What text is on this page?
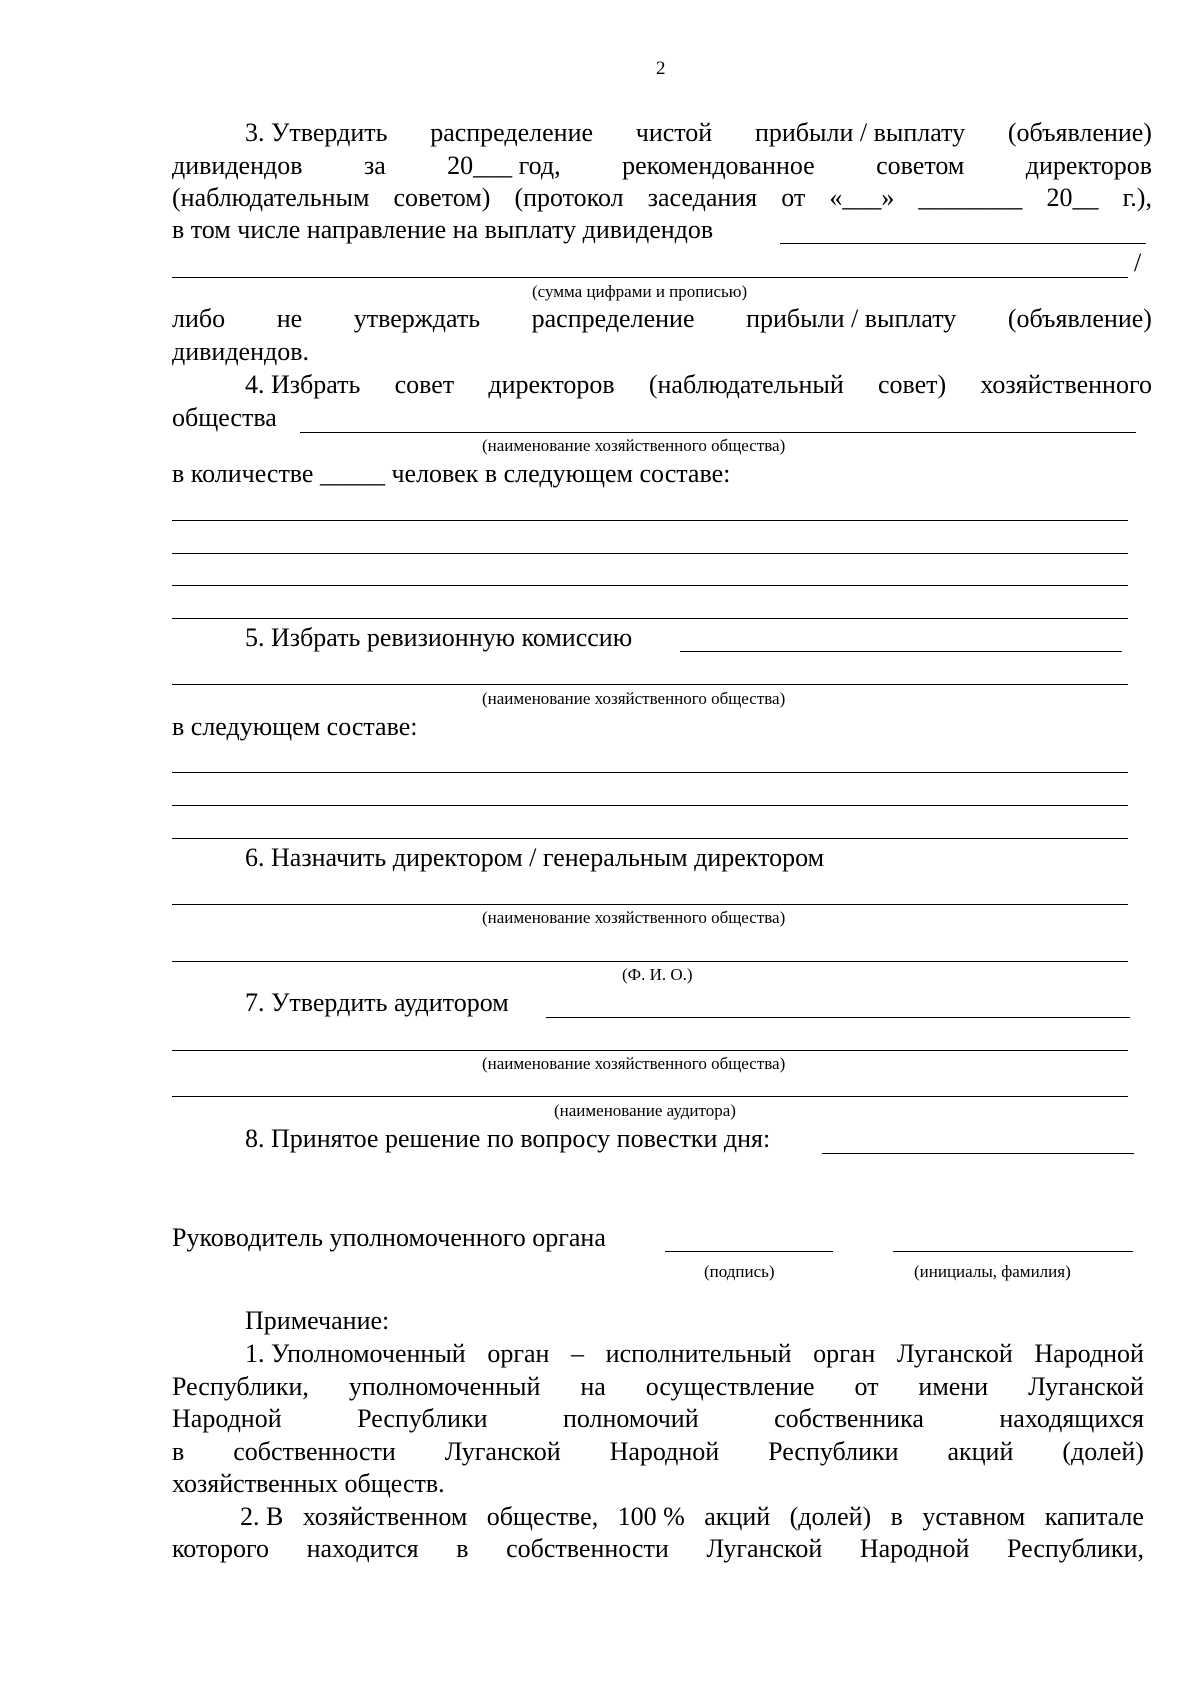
2
3. Утвердить распределение чистой прибыли / выплату (объявление)
дивидендов за 20___ год, рекомендованное советом директоров
(наблюдательным советом) (протокол заседания от «___» ________ 20__ г.),
в том числе направление на выплату дивидендов
/
(сумма цифрами и прописью)
либо не утверждать распределение прибыли / выплату (объявление)
дивидендов.
4. Избрать совет директоров (наблюдательный совет) хозяйственного
общества
(наименование хозяйственного общества)
в количестве _____ человек в следующем составе:
5. Избрать ревизионную комиссию
(наименование хозяйственного общества)
в следующем составе:
6. Назначить директором / генеральным директором
(наименование хозяйственного общества)
(Ф. И. О.)
7. Утвердить аудитором
(наименование хозяйственного общества)
(наименование аудитора)
8. Принятое решение по вопросу повестки дня:
Руководитель уполномоченного органа
(подпись)	(инициалы, фамилия)
Примечание:
1. Уполномоченный орган – исполнительный орган Луганской Народной
Республики, уполномоченный на осуществление от имени Луганской
Народной	Республики	полномочий	собственника	находящихся
в собственности Луганской Народной Республики акций (долей)
хозяйственных обществ.
2. В хозяйственном обществе, 100 % акций (долей) в уставном капитале
которого находится в собственности Луганской Народной Республики,
